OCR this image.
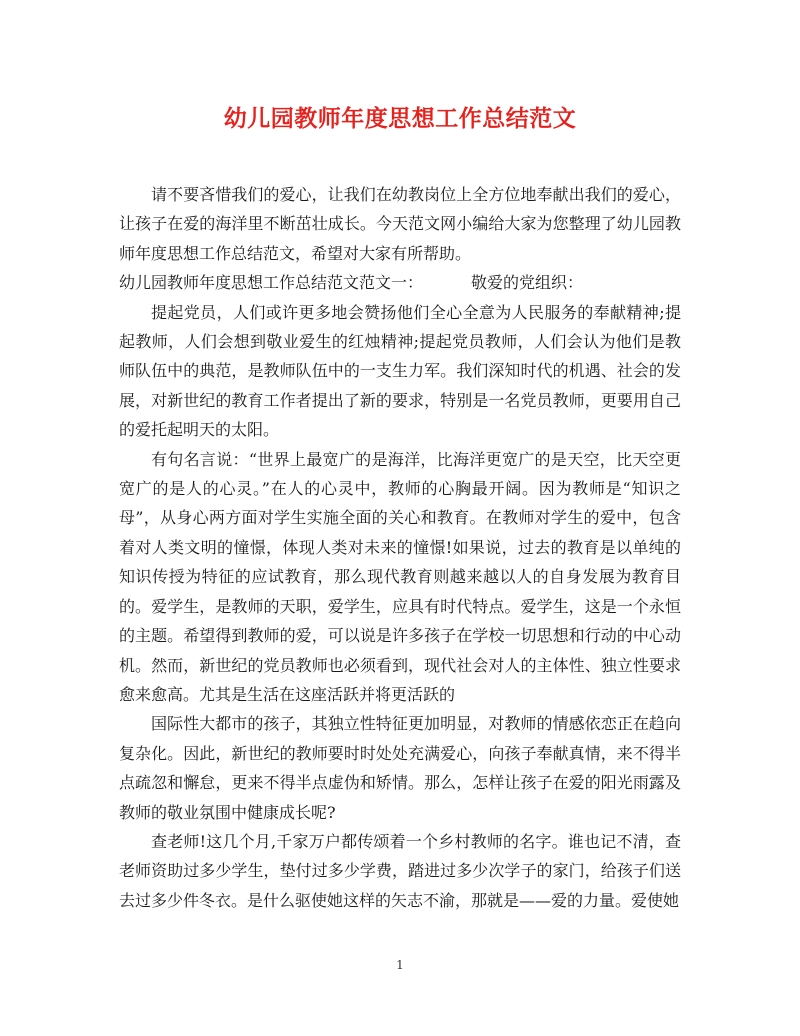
幼儿园教师年度思想工作总结范文

请不要吝惜我们的爱心，让我们在幼教岗位上全方位地奉献出我们的爱心，让孩子在爱的海洋里不断茁壮成长。今天范文网小编给大家为您整理了幼儿园教师年度思想工作总结范文，希望对大家有所帮助。

幼儿园教师年度思想工作总结范文范文一：	敬爱的党组织：

提起党员，人们或许更多地会赞扬他们全心全意为人民服务的奉献精神;提起教师，人们会想到敬业爱生的红烛精神;提起党员教师，人们会认为他们是教师队伍中的典范，是教师队伍中的一支生力军。我们深知时代的机遇、社会的发展，对新世纪的教育工作者提出了新的要求，特别是一名党员教师，更要用自己的爱托起明天的太阳。

有句名言说：“世界上最宽广的是海洋，比海洋更宽广的是天空，比天空更宽广的是人的心灵。”在人的心灵中，教师的心胸最开阔。因为教师是“知识之母”，从身心两方面对学生实施全面的关心和教育。在教师对学生的爱中，包含着对人类文明的憧憬，体现人类对未来的憧憬!如果说，过去的教育是以单纯的知识传授为特征的应试教育，那么现代教育则越来越以人的自身发展为教育目的。爱学生，是教师的天职，爱学生，应具有时代特点。爱学生，这是一个永恒的主题。希望得到教师的爱，可以说是许多孩子在学校一切思想和行动的中心动机。然而，新世纪的党员教师也必须看到，现代社会对人的主体性、独立性要求愈来愈高。尤其是生活在这座活跃并将更活跃的

国际性大都市的孩子，其独立性特征更加明显，对教师的情感依恋正在趋向复杂化。因此，新世纪的教师要时时处处充满爱心，向孩子奉献真情，来不得半点疏忽和懈怠，更来不得半点虚伪和矫情。那么，怎样让孩子在爱的阳光雨露及教师的敬业氛围中健康成长呢?

查老师!这几个月,千家万户都传颂着一个乡村教师的名字。谁也记不清，查老师资助过多少学生，垫付过多少学费，踏进过多少次学子的家门，给孩子们送去过多少件冬衣。是什么驱使她这样的矢志不渝，那就是——爱的力量。爱使她

1
